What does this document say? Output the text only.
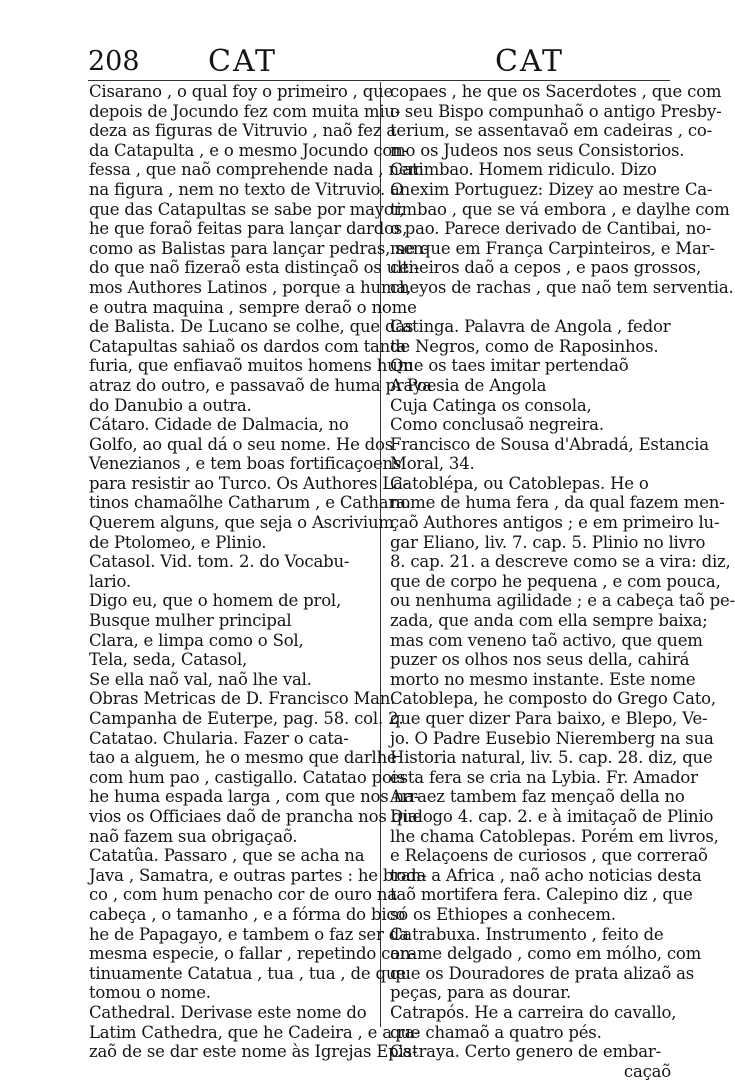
208 CAT	CAT
Cisarano , o qual foy o primeiro , que
depois de Jocundo fez com muita miu-
deza as figuras de Vitruvio , naõ fez a
da Catapulta , e o mesmo Jocundo con-
fessa , que naõ comprehende nada , nem
na figura , nem no texto de Vitruvio. O
que das Catapultas se sabe por mayor,
he que foraõ feitas para lançar dardos,
como as Balistas para lançar pedras, sen-
do que naõ fizeraõ esta distinçaõ os ulti-
mos Authores Latinos , porque a huma,
e outra maquina , sempre deraõ o nome
de Balista. De Lucano se colhe, que das
Catapultas sahiaõ os dardos com tanta
furia, que enfiavaõ muitos homens hum
atraz do outro, e passavaõ de huma praya
do Danubio a outra.
Cátaro. Cidade de Dalmacia, no
Golfo, ao qual dá o seu nome. He dos
Venezianos , e tem boas fortificaçoens
para resistir ao Turco. Os Authores La-
tinos chamaõlhe Catharum , e Cathara.
Querem alguns, que seja o Ascrivium
de Ptolomeo, e Plinio.
Catasol. Vid. tom. 2. do Vocabu-
lario.
Digo eu, que o homem de prol,
Busque mulher principal
Clara, e limpa como o Sol,
Tela, seda, Catasol,
Se ella naõ val, naõ lhe val.
Obras Metricas de D. Francisco Man.
Campanha de Euterpe, pag. 58. col. 2.
Catatao. Chularia. Fazer o cata-
tao a alguem, he o mesmo que darlhe
com hum pao , castigallo. Catatao pois
he huma espada larga , com que nos na-
vios os Officiaes daõ de prancha nos que
naõ fazem sua obrigaçaõ.
Catatûa. Passaro , que se acha na
Java , Samatra, e outras partes : he bran-
co , com hum penacho cor de ouro na
cabeça , o tamanho , e a fórma do bico
he de Papagayo, e tambem o faz ser da
mesma especie, o fallar , repetindo con-
tinuamente Catatua , tua , tua , de que
tomou o nome.
Cathedral. Derivase este nome do
Latim Cathedra, que he Cadeira , e a ra-
zaõ de se dar este nome às Igrejas Epis-
copaes , he que os Sacerdotes , que com
o seu Bispo compunhaõ o antigo Presby-
terium, se assentavaõ em cadeiras , co-
mo os Judeos nos seus Consistorios.
Catimbao. Homem ridiculo. Dizo
anexim Portuguez: Dizey ao mestre Ca-
timbao , que se vá embora , e daylhe com
o pao. Parece derivado de Cantibai, no-
me que em França Carpinteiros, e Mar-
ceneiros daõ a cepos , e paos grossos,
cheyos de rachas , que naõ tem serventia.
Catinga. Palavra de Angola , fedor
de Negros, como de Raposinhos.
Que os taes imitar pertendaõ
A Poesia de Angola
Cuja Catinga os consola,
Como conclusaõ negreira.
Francisco de Sousa d'Abradá, Estancia
Moral, 34.
Catoblépa, ou Catoblepas. He o
nome de huma fera , da qual fazem men-
çaõ Authores antigos ; e em primeiro lu-
gar Eliano, liv. 7. cap. 5. Plinio no livro
8. cap. 21. a descreve como se a vira: diz,
que de corpo he pequena , e com pouca,
ou nenhuma agilidade ; e a cabeça taõ pe-
zada, que anda com ella sempre baixa;
mas com veneno taõ activo, que quem
puzer os olhos nos seus della, cahirá
morto no mesmo instante. Este nome
Catoblepa, he composto do Grego Cato,
que quer dizer Para baixo, e Blepo, Ve-
jo. O Padre Eusebio Nieremberg na sua
Historia natural, liv. 5. cap. 28. diz, que
esta fera se cria na Lybia. Fr. Amador
Arraez tambem faz mençaõ della no
Dialogo 4. cap. 2. e à imitaçaõ de Plinio
lhe chama Catoblepas. Porém em livros,
e Relaçoens de curiosos , que correraõ
toda a Africa , naõ acho noticias desta
taõ mortifera fera. Calepino diz , que
só os Ethiopes a conhecem.
Catrabuxa. Instrumento , feito de
arame delgado , como em mólho, com
que os Douradores de prata alizaõ as
peças, para as dourar.
Catrapós. He a carreira do cavallo,
que chamaõ a quatro pés.
Catraya. Certo genero de embar-
caçaõ
